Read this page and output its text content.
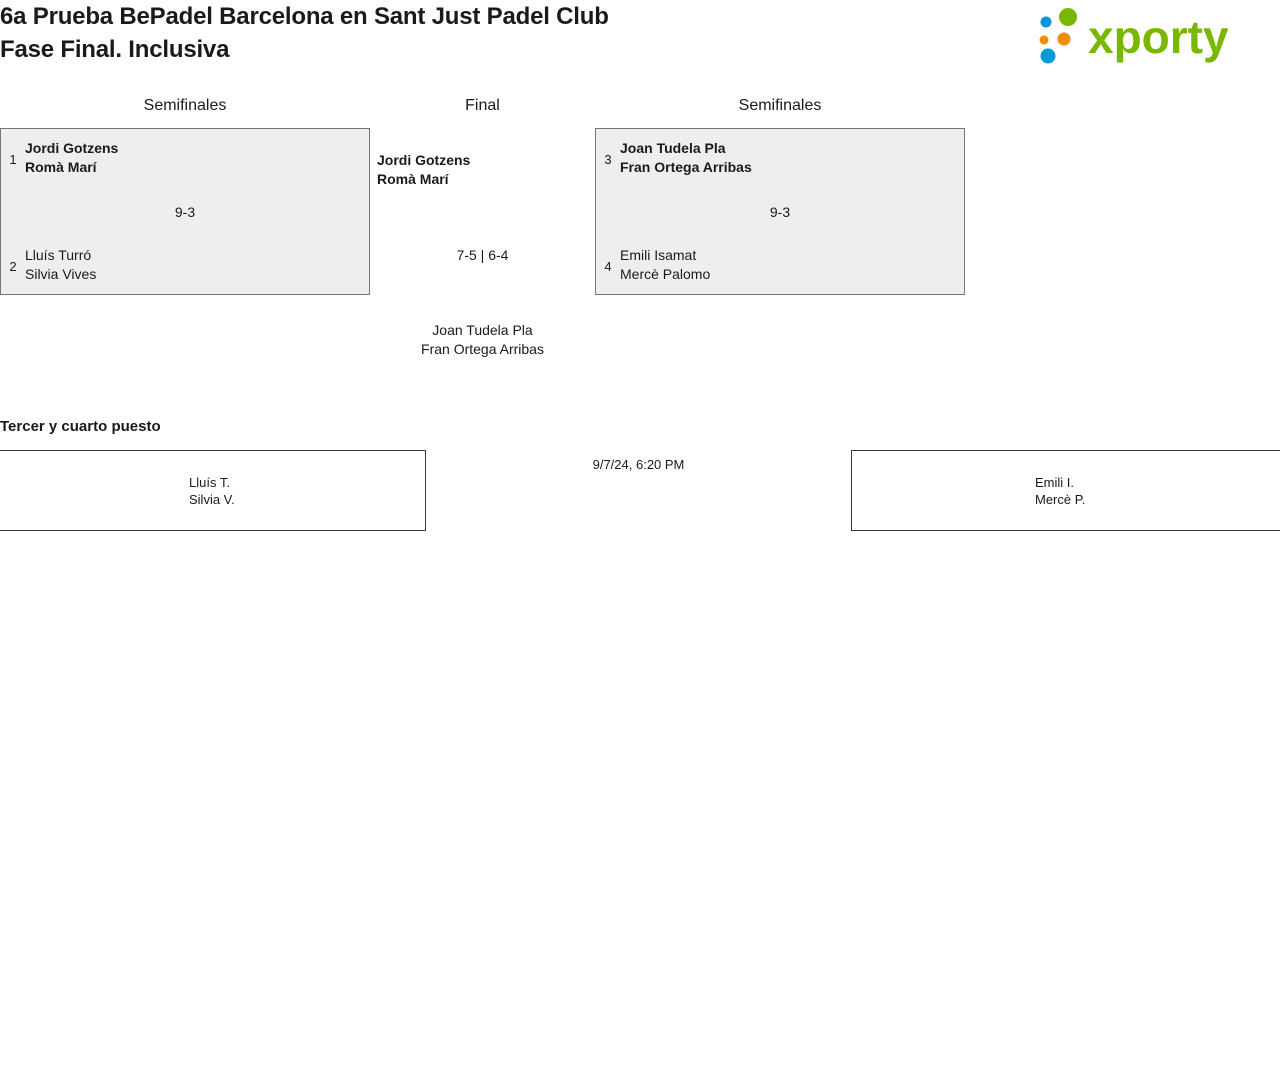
6a Prueba BePadel Barcelona en Sant Just Padel Club
Fase Final. Inclusiva	xporty
Semifinales	Final	Semifinales
1
Jordi Gotzens
Romà Marí
9-3
2
Lluís Turró
Silvia Vives
3
Joan Tudela Pla
Fran Ortega Arribas
9-3
4
Emili Isamat
Mercè Palomo
Jordi Gotzens
Romà Marí
7-5 | 6-4
Joan Tudela Pla
Fran Ortega Arribas
Tercer y cuarto puesto
Lluís T.
Silvia V.
Emili I.
Mercè P.
9/7/24, 6:20 PM
